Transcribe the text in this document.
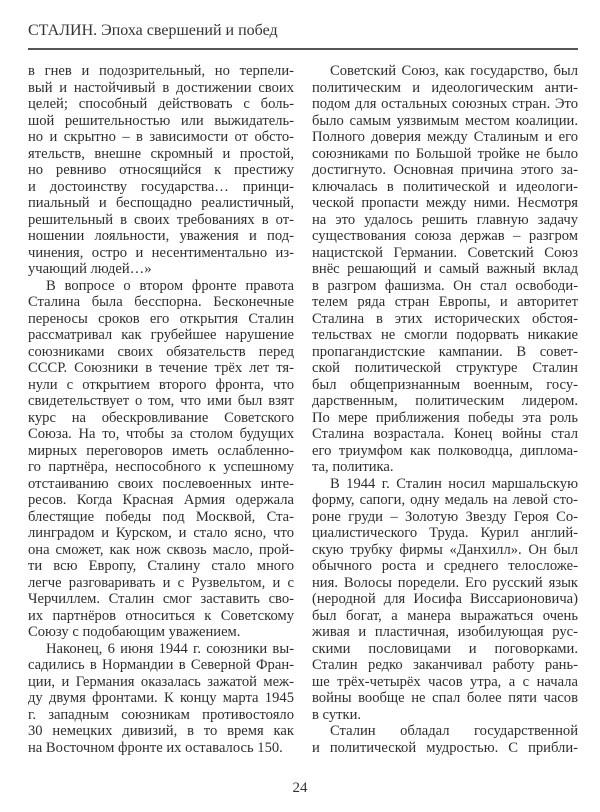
СТАЛИН. Эпоха свершений и побед
в гнев и подозрительный, но терпели-
вый и настойчивый в достижении своих
целей; способный действовать с боль-
шой решительностью или выжидатель-
но и скрытно – в зависимости от обсто-
ятельств, внешне скромный и простой,
но ревниво относящийся к престижу
и достоинству государства… принци-
пиальный и беспощадно реалистичный,
решительный в своих требованиях в от-
ношении лояльности, уважения и под-
чинения, остро и несентиментально из-
учающий людей…»
В вопросе о втором фронте правота
Сталина была бесспорна. Бесконечные
переносы сроков его открытия Сталин
рассматривал как грубейшее нарушение
союзниками своих обязательств перед
СССР. Союзники в течение трёх лет тя-
нули с открытием второго фронта, что
свидетельствует о том, что ими был взят
курс на обескровливание Советского
Союза. На то, чтобы за столом будущих
мирных переговоров иметь ослабленно-
го партнёра, неспособного к успешному
отстаиванию своих послевоенных инте-
ресов. Когда Красная Армия одержала
блестящие победы под Москвой, Ста-
линградом и Курском, и стало ясно, что
она сможет, как нож сквозь масло, прой-
ти всю Европу, Сталину стало много
легче разговаривать и с Рузвельтом, и с
Черчиллем. Сталин смог заставить сво-
их партнёров относиться к Советскому
Союзу с подобающим уважением.
Наконец, 6 июня 1944 г. союзники вы-
садились в Нормандии в Северной Фран-
ции, и Германия оказалась зажатой меж-
ду двумя фронтами. К концу марта 1945
г. западным союзникам противостояло
30 немецких дивизий, в то время как
на Восточном фронте их оставалось 150.
Советский Союз, как государство, был
политическим и идеологическим анти-
подом для остальных союзных стран. Это
было самым уязвимым местом коалиции.
Полного доверия между Сталиным и его
союзниками по Большой тройке не было
достигнуто. Основная причина этого за-
ключалась в политической и идеологи-
ческой пропасти между ними. Несмотря
на это удалось решить главную задачу
существования союза держав – разгром
нацистской Германии. Советский Союз
внёс решающий и самый важный вклад
в разгром фашизма. Он стал освободи-
телем ряда стран Европы, и авторитет
Сталина в этих исторических обстоя-
тельствах не смогли подорвать никакие
пропагандистские кампании. В совет-
ской политической структуре Сталин
был общепризнанным военным, госу-
дарственным, политическим лидером.
По мере приближения победы эта роль
Сталина возрастала. Конец войны стал
его триумфом как полководца, диплома-
та, политика.
В 1944 г. Сталин носил маршальскую
форму, сапоги, одну медаль на левой сто-
роне груди – Золотую Звезду Героя Со-
циалистического Труда. Курил англий-
скую трубку фирмы «Данхилл». Он был
обычного роста и среднего телосложе-
ния. Волосы поредели. Его русский язык
(неродной для Иосифа Виссарионовича)
был богат, а манера выражаться очень
живая и пластичная, изобилующая рус-
скими пословицами и поговорками.
Сталин редко заканчивал работу рань-
ше трёх-четырёх часов утра, а с начала
войны вообще не спал более пяти часов
в сутки.
Сталин обладал государственной
и политической мудростью. С прибли-
24
